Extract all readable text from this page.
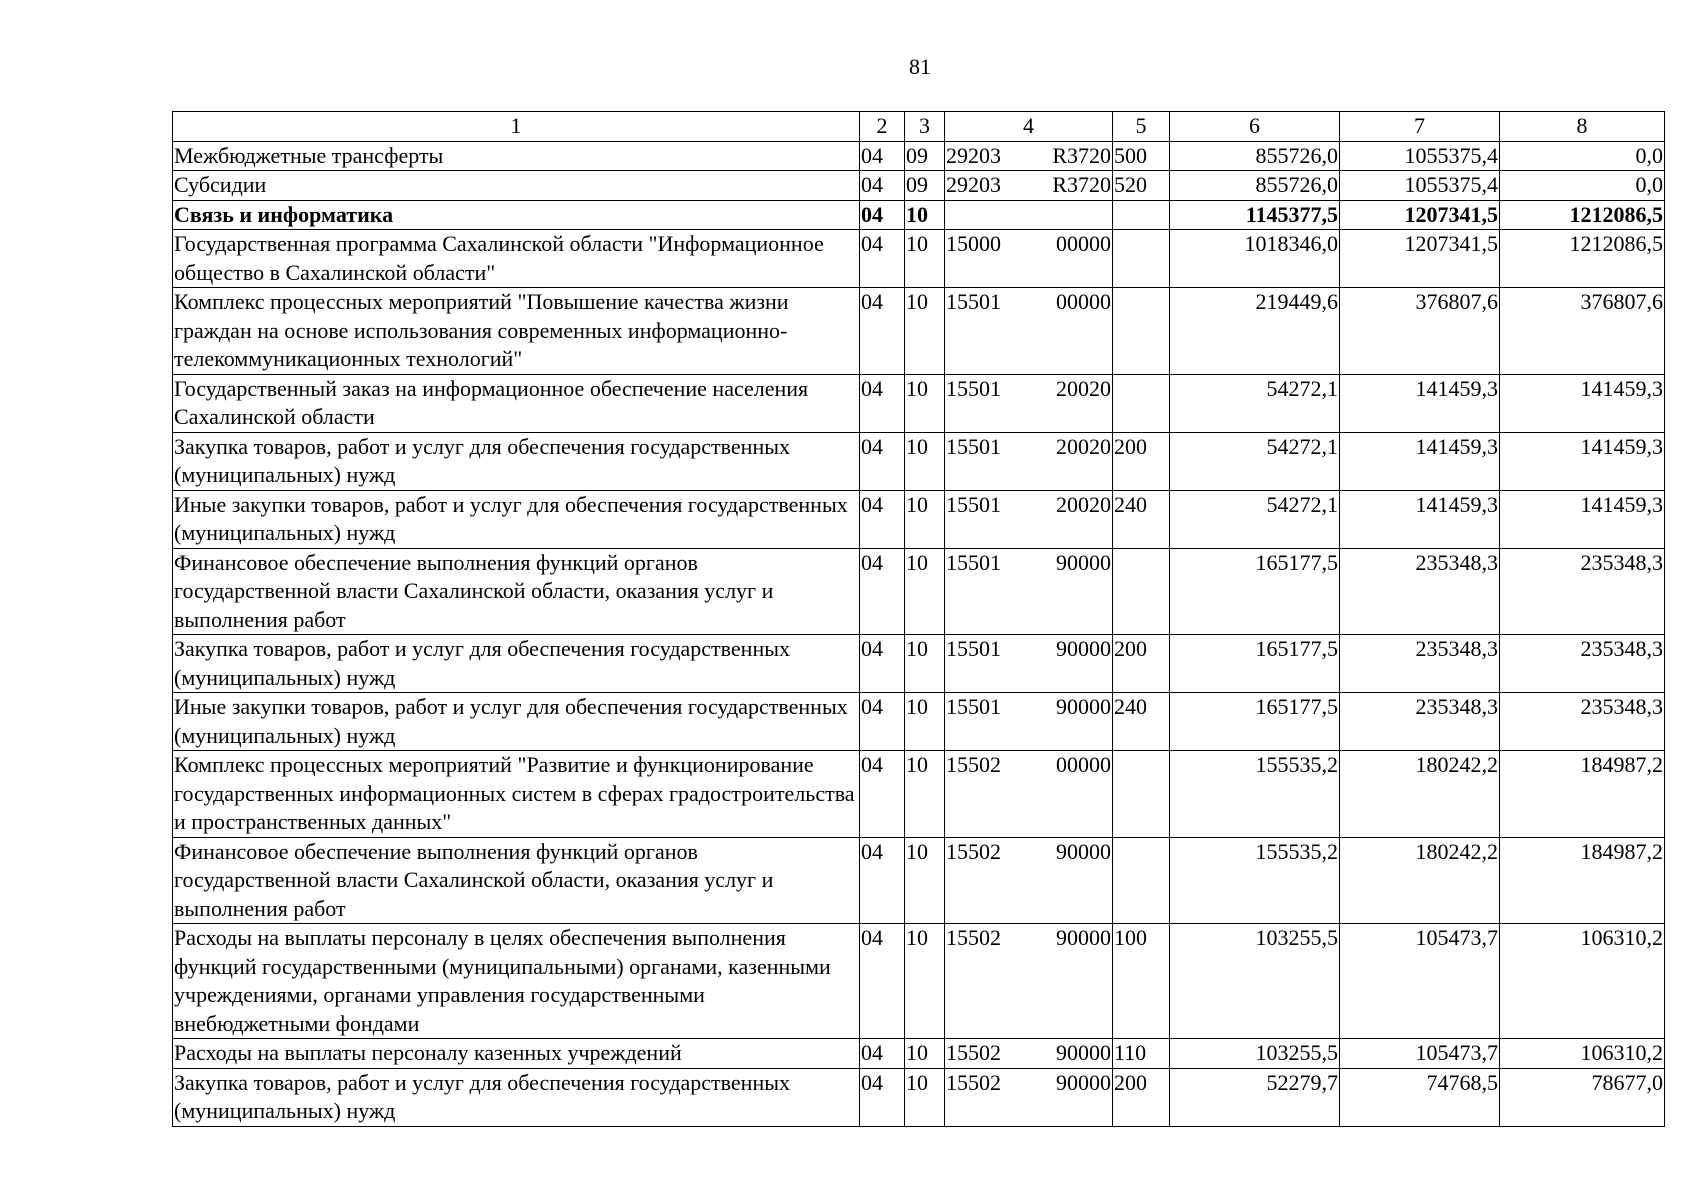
81
1	2	3	4		5	6	7	8
Межбюджетные трансферты	04	09	29203	R3720	500	855726,0	1055375,4	0,0
Субсидии	04	09	29203	R3720	520	855726,0	1055375,4	0,0
Связь и информатика	04	10				1145377,5	1207341,5	1212086,5
Государственная программа Сахалинской области "Информационное общество в Сахалинской области"	04	10	15000	00000		1018346,0	1207341,5	1212086,5
Комплекс процессных мероприятий "Повышение качества жизни граждан на основе использования современных информационно-телекоммуникационных технологий"	04	10	15501	00000		219449,6	376807,6	376807,6
Государственный заказ на информационное обеспечение населения Сахалинской области	04	10	15501	20020		54272,1	141459,3	141459,3
Закупка товаров, работ и услуг для обеспечения государственных (муниципальных) нужд	04	10	15501	20020	200	54272,1	141459,3	141459,3
Иные закупки товаров, работ и услуг для обеспечения государственных (муниципальных) нужд	04	10	15501	20020	240	54272,1	141459,3	141459,3
Финансовое обеспечение выполнения функций органов государственной власти Сахалинской области, оказания услуг и выполнения работ	04	10	15501	90000		165177,5	235348,3	235348,3
Закупка товаров, работ и услуг для обеспечения государственных (муниципальных) нужд	04	10	15501	90000	200	165177,5	235348,3	235348,3
Иные закупки товаров, работ и услуг для обеспечения государственных (муниципальных) нужд	04	10	15501	90000	240	165177,5	235348,3	235348,3
Комплекс процессных мероприятий "Развитие и функционирование государственных информационных систем в сферах градостроительства и пространственных данных"	04	10	15502	00000		155535,2	180242,2	184987,2
Финансовое обеспечение выполнения функций органов государственной власти Сахалинской области, оказания услуг и выполнения работ	04	10	15502	90000		155535,2	180242,2	184987,2
Расходы на выплаты персоналу в целях обеспечения выполнения функций государственными (муниципальными) органами, казенными учреждениями, органами управления государственными внебюджетными фондами	04	10	15502	90000	100	103255,5	105473,7	106310,2
Расходы на выплаты персоналу казенных учреждений	04	10	15502	90000	110	103255,5	105473,7	106310,2
Закупка товаров, работ и услуг для обеспечения государственных (муниципальных) нужд	04	10	15502	90000	200	52279,7	74768,5	78677,0
